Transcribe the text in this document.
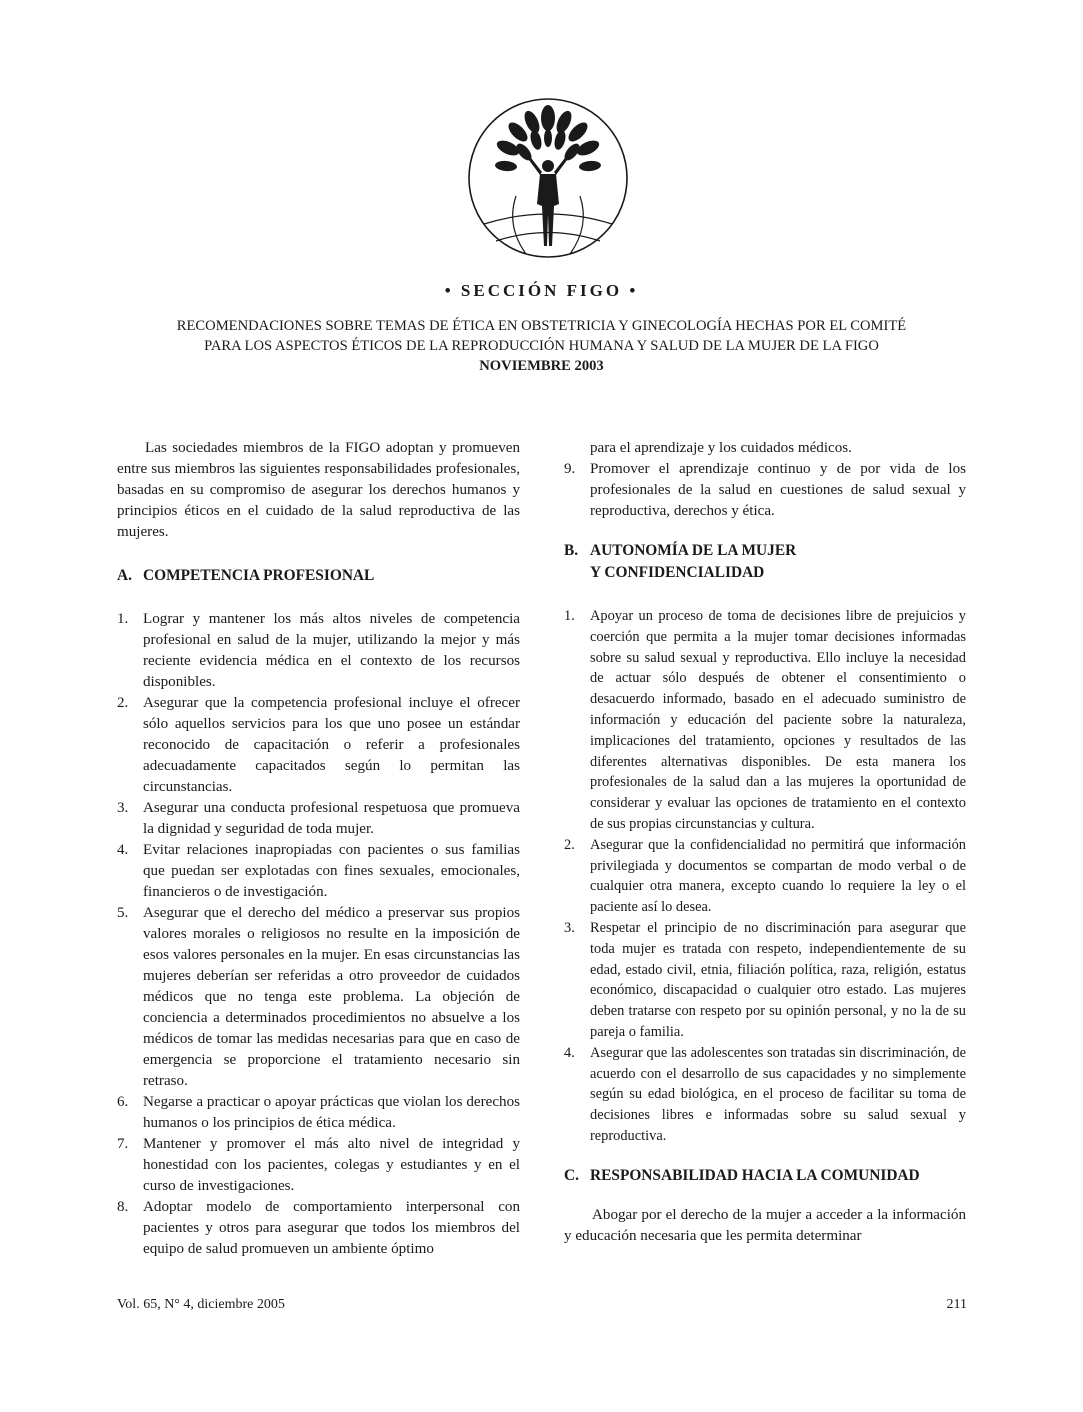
• SECCIÓN FIGO •
RECOMENDACIONES SOBRE TEMAS DE ÉTICA EN OBSTETRICIA Y GINECOLOGÍA HECHAS POR EL COMITÉ
PARA LOS ASPECTOS ÉTICOS DE LA REPRODUCCIÓN HUMANA Y SALUD DE LA MUJER DE LA FIGO
NOVIEMBRE 2003

Las sociedades miembros de la FIGO adoptan y promueven entre sus miembros las siguientes responsabilidades profesionales, basadas en su compromiso de asegurar los derechos humanos y principios éticos en el cuidado de la salud reproductiva de las mujeres.

A. COMPETENCIA PROFESIONAL
1. Lograr y mantener los más altos niveles de competencia profesional en salud de la mujer, utilizando la mejor y más reciente evidencia médica en el contexto de los recursos disponibles.
2. Asegurar que la competencia profesional incluye el ofrecer sólo aquellos servicios para los que uno posee un estándar reconocido de capacitación o referir a profesionales adecuadamente capacitados según lo permitan las circunstancias.
3. Asegurar una conducta profesional respetuosa que promueva la dignidad y seguridad de toda mujer.
4. Evitar relaciones inapropiadas con pacientes o sus familias que puedan ser explotadas con fines sexuales, emocionales, financieros o de investigación.
5. Asegurar que el derecho del médico a preservar sus propios valores morales o religiosos no resulte en la imposición de esos valores personales en la mujer. En esas circunstancias las mujeres deberían ser referidas a otro proveedor de cuidados médicos que no tenga este problema. La objeción de conciencia a determinados procedimientos no absuelve a los médicos de tomar las medidas necesarias para que en caso de emergencia se proporcione el tratamiento necesario sin retraso.
6. Negarse a practicar o apoyar prácticas que violan los derechos humanos o los principios de ética médica.
7. Mantener y promover el más alto nivel de integridad y honestidad con los pacientes, colegas y estudiantes y en el curso de investigaciones.
8. Adoptar modelo de comportamiento interpersonal con pacientes y otros para asegurar que todos los miembros del equipo de salud promueven un ambiente óptimo
para el aprendizaje y los cuidados médicos.
9. Promover el aprendizaje continuo y de por vida de los profesionales de la salud en cuestiones de salud sexual y reproductiva, derechos y ética.
B. AUTONOMÍA DE LA MUJER
Y CONFIDENCIALIDAD
1. Apoyar un proceso de toma de decisiones libre de prejuicios y coerción que permita a la mujer tomar decisiones informadas sobre su salud sexual y reproductiva. Ello incluye la necesidad de actuar sólo después de obtener el consentimiento o desacuerdo informado, basado en el adecuado suministro de información y educación del paciente sobre la naturaleza, implicaciones del tratamiento, opciones y resultados de las diferentes alternativas disponibles. De esta manera los profesionales de la salud dan a las mujeres la oportunidad de considerar y evaluar las opciones de tratamiento en el contexto de sus propias circunstancias y cultura.
2. Asegurar que la confidencialidad no permitirá que información privilegiada y documentos se compartan de modo verbal o de cualquier otra manera, excepto cuando lo requiere la ley o el paciente así lo desea.
3. Respetar el principio de no discriminación para asegurar que toda mujer es tratada con respeto, independientemente de su edad, estado civil, etnia, filiación política, raza, religión, estatus económico, discapacidad o cualquier otro estado. Las mujeres deben tratarse con respeto por su opinión personal, y no la de su pareja o familia.
4. Asegurar que las adolescentes son tratadas sin discriminación, de acuerdo con el desarrollo de sus capacidades y no simplemente según su edad biológica, en el proceso de facilitar su toma de decisiones libres e informadas sobre su salud sexual y reproductiva.
C. RESPONSABILIDAD HACIA LA COMUNIDAD

Abogar por el derecho de la mujer a acceder a la información y educación necesaria que les permita determinar

Vol. 65, N° 4, diciembre 2005	211
